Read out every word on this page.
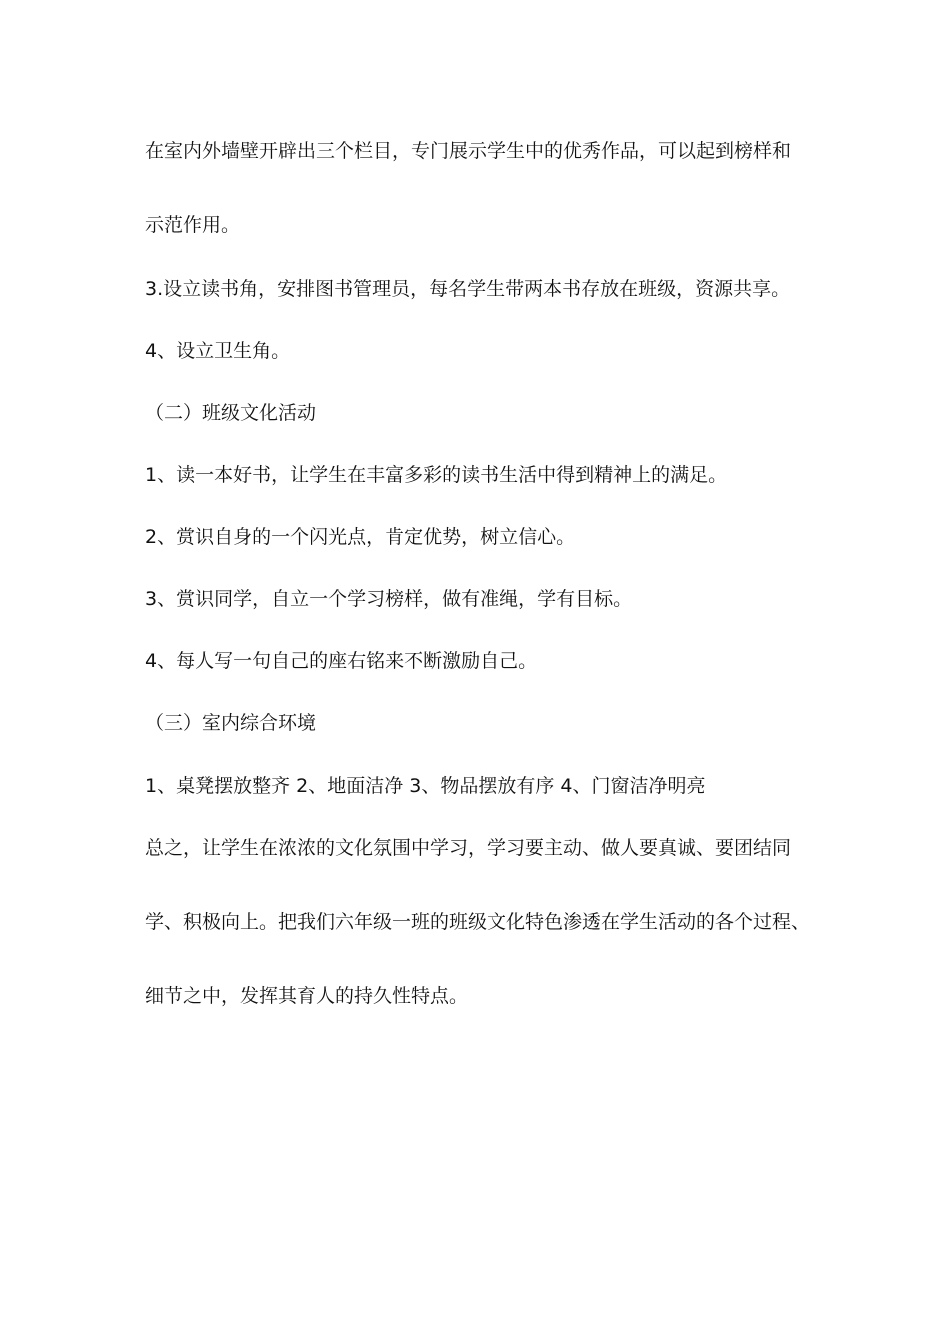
在室内外墙壁开辟出三个栏目，专门展示学生中的优秀作品，可以起到榜样和
示范作用。
3.设立读书角，安排图书管理员，每名学生带两本书存放在班级，资源共享。
4、设立卫生角。
（二）班级文化活动
1、读一本好书，让学生在丰富多彩的读书生活中得到精神上的满足。
2、赏识自身的一个闪光点，肯定优势，树立信心。
3、赏识同学，自立一个学习榜样，做有准绳，学有目标。
4、每人写一句自己的座右铭来不断激励自己。
（三）室内综合环境
1、桌凳摆放整齐 2、地面洁净 3、物品摆放有序 4、门窗洁净明亮
总之，让学生在浓浓的文化氛围中学习，学习要主动、做人要真诚、要团结同
学、积极向上。把我们六年级一班的班级文化特色渗透在学生活动的各个过程、
细节之中，发挥其育人的持久性特点。
